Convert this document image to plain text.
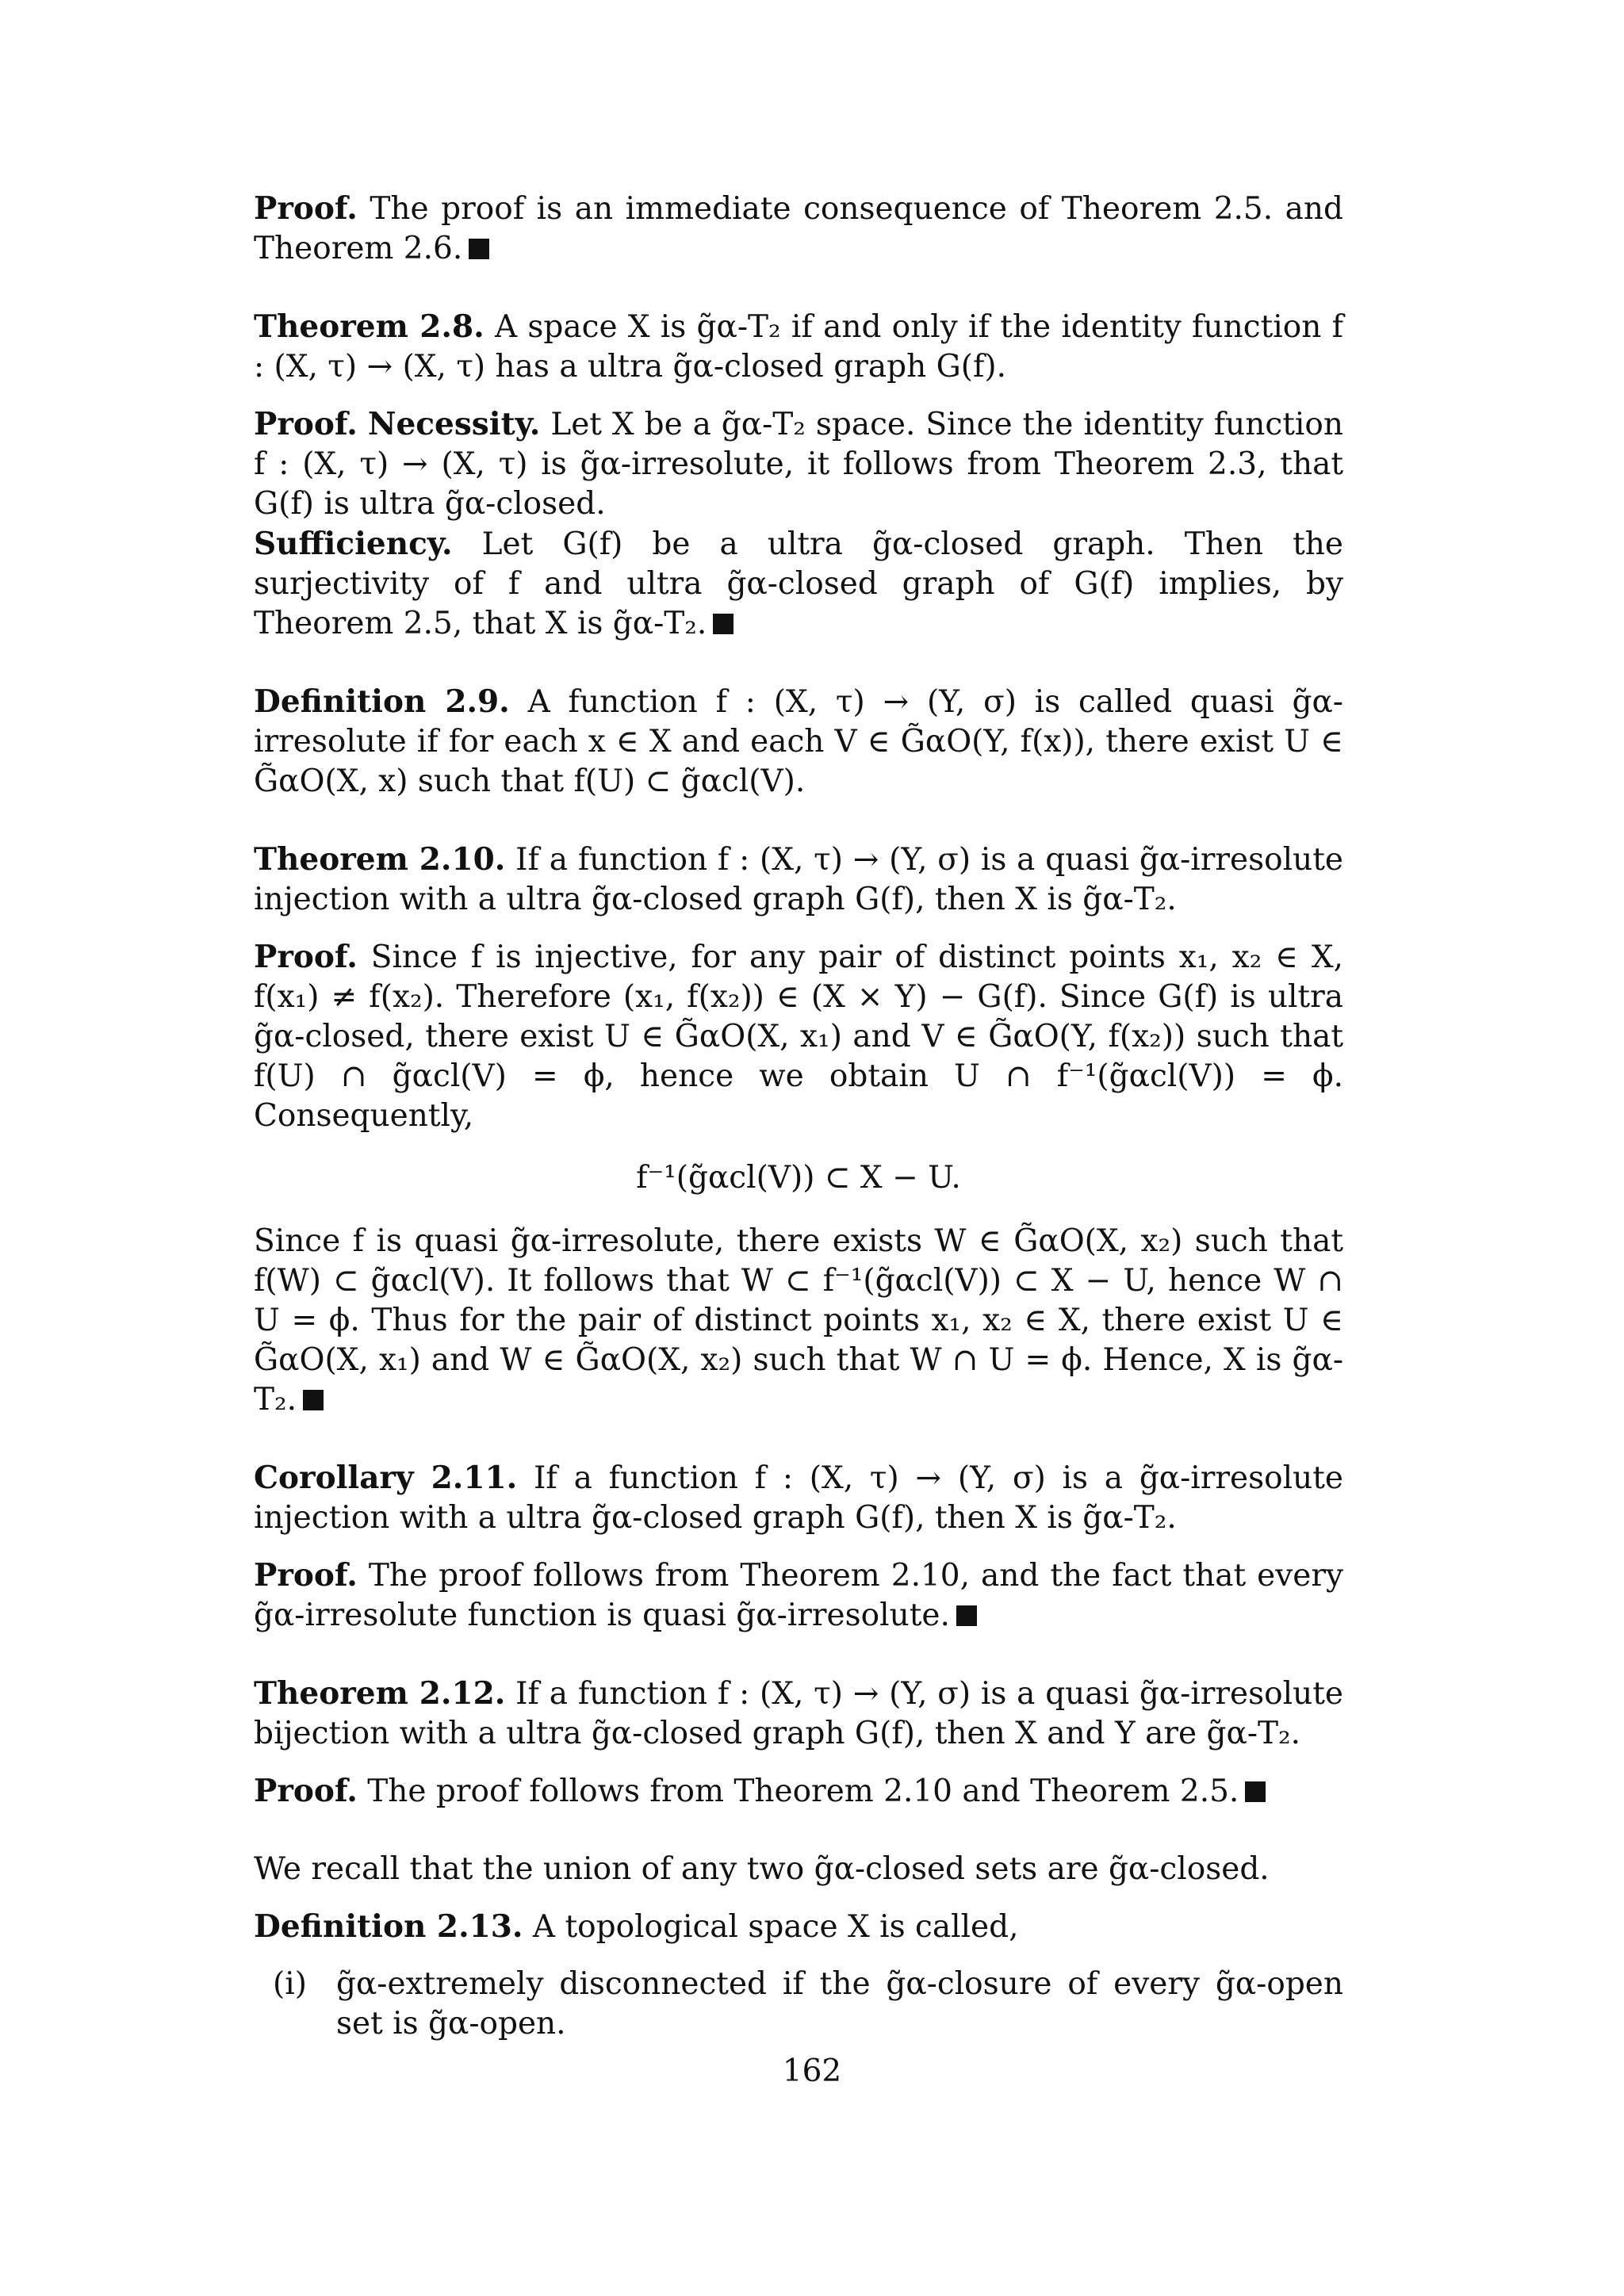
Proof. The proof is an immediate consequence of Theorem 2.5. and Theorem 2.6.

Theorem 2.8. A space X is g̃α-T₂ if and only if the identity function f : (X, τ) → (X, τ) has a ultra g̃α-closed graph G(f).

Proof. Necessity. Let X be a g̃α-T₂ space. Since the identity function f : (X, τ) → (X, τ) is g̃α-irresolute, it follows from Theorem 2.3, that G(f) is ultra g̃α-closed.

Sufficiency. Let G(f) be a ultra g̃α-closed graph. Then the surjectivity of f and ultra g̃α-closed graph of G(f) implies, by Theorem 2.5, that X is g̃α-T₂.

Definition 2.9. A function f : (X, τ) → (Y, σ) is called quasi g̃α-irresolute if for each x ∈ X and each V ∈ G̃αO(Y, f(x)), there exist U ∈ G̃αO(X, x) such that f(U) ⊂ g̃αcl(V).

Theorem 2.10. If a function f : (X, τ) → (Y, σ) is a quasi g̃α-irresolute injection with a ultra g̃α-closed graph G(f), then X is g̃α-T₂.

Proof. Since f is injective, for any pair of distinct points x₁, x₂ ∈ X, f(x₁) ≠ f(x₂). Therefore (x₁, f(x₂)) ∈ (X × Y) − G(f). Since G(f) is ultra g̃α-closed, there exist U ∈ G̃αO(X, x₁) and V ∈ G̃αO(Y, f(x₂)) such that f(U) ∩ g̃αcl(V) = ϕ, hence we obtain U ∩ f⁻¹(g̃αcl(V)) = ϕ. Consequently,

f⁻¹(g̃αcl(V)) ⊂ X − U.

Since f is quasi g̃α-irresolute, there exists W ∈ G̃αO(X, x₂) such that f(W) ⊂ g̃αcl(V). It follows that W ⊂ f⁻¹(g̃αcl(V)) ⊂ X − U, hence W ∩ U = ϕ. Thus for the pair of distinct points x₁, x₂ ∈ X, there exist U ∈ G̃αO(X, x₁) and W ∈ G̃αO(X, x₂) such that W ∩ U = ϕ. Hence, X is g̃α-T₂.

Corollary 2.11. If a function f : (X, τ) → (Y, σ) is a g̃α-irresolute injection with a ultra g̃α-closed graph G(f), then X is g̃α-T₂.

Proof. The proof follows from Theorem 2.10, and the fact that every g̃α-irresolute function is quasi g̃α-irresolute.

Theorem 2.12. If a function f : (X, τ) → (Y, σ) is a quasi g̃α-irresolute bijection with a ultra g̃α-closed graph G(f), then X and Y are g̃α-T₂.

Proof. The proof follows from Theorem 2.10 and Theorem 2.5.

We recall that the union of any two g̃α-closed sets are g̃α-closed.

Definition 2.13. A topological space X is called,

(i) g̃α-extremely disconnected if the g̃α-closure of every g̃α-open set is g̃α-open.
162
